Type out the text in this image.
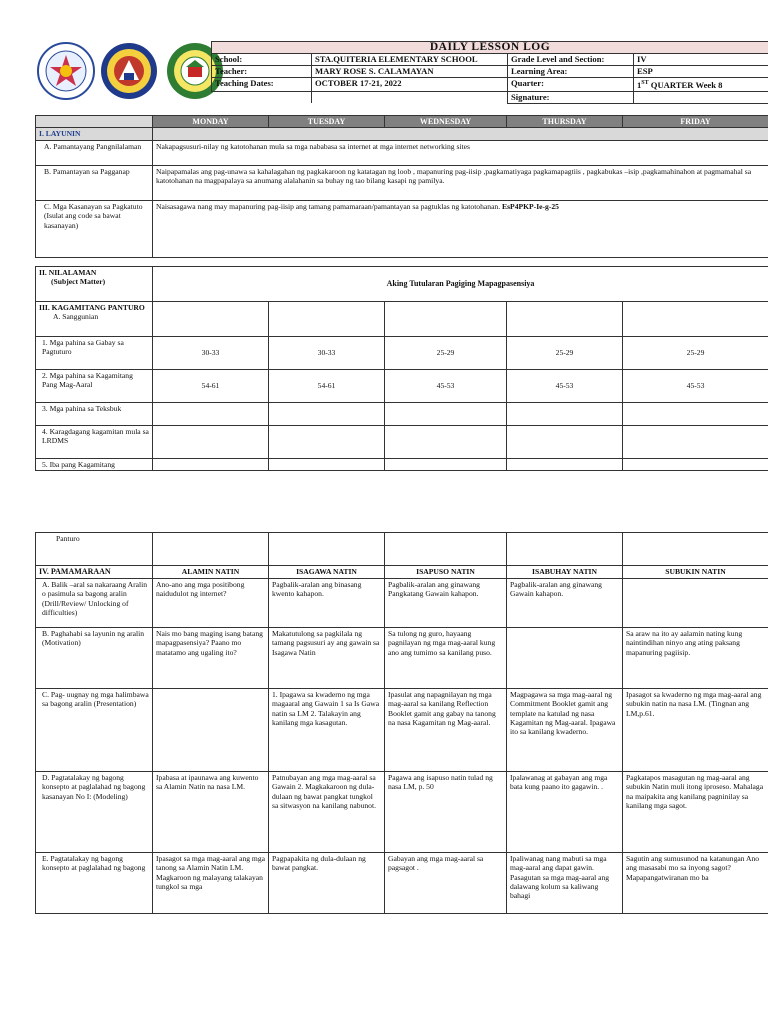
DAILY LESSON LOG			
School:	STA.QUITERIA ELEMENTARY SCHOOL	Grade Level and Section:	IV
Teacher:	MARY ROSE S. CALAMAYAN	Learning Area:	ESP
Teaching Dates:	OCTOBER 17-21, 2022	Quarter:	1ST QUARTER Week 8
		Signature:	
	MONDAY	TUESDAY	WEDNESDAY	THURSDAY	FRIDAY
I. LAYUNIN					
A. Pamantayang Pangnilalaman	Nakapagsusuri-nilay ng katotohanan mula sa mga nababasa sa internet at mga internet networking sites				
B. Pamantayan sa Pagganap	Naipapamalas ang pag-unawa sa kahalagahan ng pagkakaroon ng katatagan ng loob , mapanuring pag-iisip ,pagkamatiyaga pagkamapagtiis , pagkabukas –isip ,pagkamahinahon at pagmamahal sa katotohanan na magpapalaya sa anumang alalahanin sa buhay ng tao bilang kasapi ng pamilya.				
C. Mga Kasanayan sa Pagkatuto (Isulat ang code sa bawat kasanayan)	Naisasagawa nang may mapanuring pag-iisip ang tamang pamamaraan/pamantayan sa pagtuklas ng katotohanan. EsP4PKP-Ie-g-25				
II. NILALAMAN
(Subject Matter)	Aking Tutularan Pagiging Mapagpasensiya				

III. KAGAMITANG PANTURO
A. Sanggunian					

1. Mga pahina sa Gabay sa Pagtuturo	30-33	30-33	25-29	25-29	25-29
2. Mga pahina sa Kagamitang Pang Mag-Aaral	54-61	54-61	45-53	45-53	45-53
3. Mga pahina sa Teksbuk					
4. Karagdagang kagamitan mula sa LRDMS					
5. Iba pang Kagamitang					
Panturo					
IV. PAMAMARAAN	ALAMIN NATIN	ISAGAWA NATIN	ISAPUSO NATIN	ISABUHAY NATIN	SUBUKIN NATIN
A. Balik –aral sa nakaraang Aralin o pasimula sa bagong aralin (Drill/Review/ Unlocking of difficulties)	Ano-ano ang mga positibong naidudulot ng internet?	Pagbalik-aralan ang binasang kwento kahapon.	Pagbalik-aralan ang ginawang Pangkatang Gawain kahapon.	Pagbalik-aralan ang ginawang Gawain kahapon.	
B. Paghahabi sa layunin ng aralin (Motivation)	Nais mo bang maging isang batang mapagpasensiya? Paano mo matatamo ang ugaling ito?	Makatutulong sa pagkilala ng tamang pagsusuri ay ang gawain sa Isagawa Natin	Sa tulong ng guro, hayaang pagnilayan ng mga mag-aaral kung ano ang tumimo sa kanilang puso.		Sa araw na ito ay aalamin nating kung naintindihan ninyo ang ating paksang mapanuring pagiisip.
C. Pag- uugnay ng mga halimbawa sa bagong aralin (Presentation)		1. Ipagawa sa kwaderno ng mga magaaral ang Gawain 1 sa Is Gawa natin sa LM 2. Talakayin ang kanilang mga kasagutan.	Ipasulat ang napagnilayan ng mga mag-aaral sa kanilang Reflection Booklet gamit ang gabay na tanong na nasa Kagamitan ng Mag-aaral.	Magpagawa sa mga mag-aaral ng Commitment Booklet gamit ang template na katulad ng nasa Kagamitan ng Mag-aaral. Ipagawa ito sa kanilang kwaderno.	Ipasagot sa kwaderno ng mga mag-aaral ang subukin natin na nasa LM. (Tingnan ang LM,p.61.
D. Pagtatalakay ng bagong konsepto at paglalahad ng bagong kasanayan No I: (Modeling)	Ipabasa at ipaunawa ang kuwento sa Alamin Natin na nasa LM.	Patnubayan ang mga mag-aaral sa Gawain 2. Magkakaroon ng dula-dulaan ng bawat pangkat tungkol sa sitwasyon na kanilang nabunot.	Pagawa ang isapuso natin tulad ng nasa LM, p. 50	Ipalawanag at gabayan ang mga bata kung paano ito gagawin. .	Pagkatapos masagutan ng mag-aaral ang subukin Natin muli itong iproseso. Mahalaga na maipakita ang kanilang pagninilay sa kanilang mga sagot.
E. Pagtatalakay ng bagong konsepto at paglalahad ng bagong	Ipasagot sa mga mag-aaral ang mga tanong sa Alamin Natin LM. Magkaroon ng malayang talakayan tungkol sa mga	Pagpapakita ng dula-dulaan ng bawat pangkat.	Gabayan ang mga mag-aaral sa pagsagot .	Ipaliwanag nang mabuti sa mga mag-aaral ang dapat gawin. Pasagutan sa mga mag-aaral ang dalawang kolum sa kaliwang bahagi	Sagutin ang sumusunod na katanungan Ano ang masasabi mo sa inyong sagot? Mapapangatwiranan mo ba
